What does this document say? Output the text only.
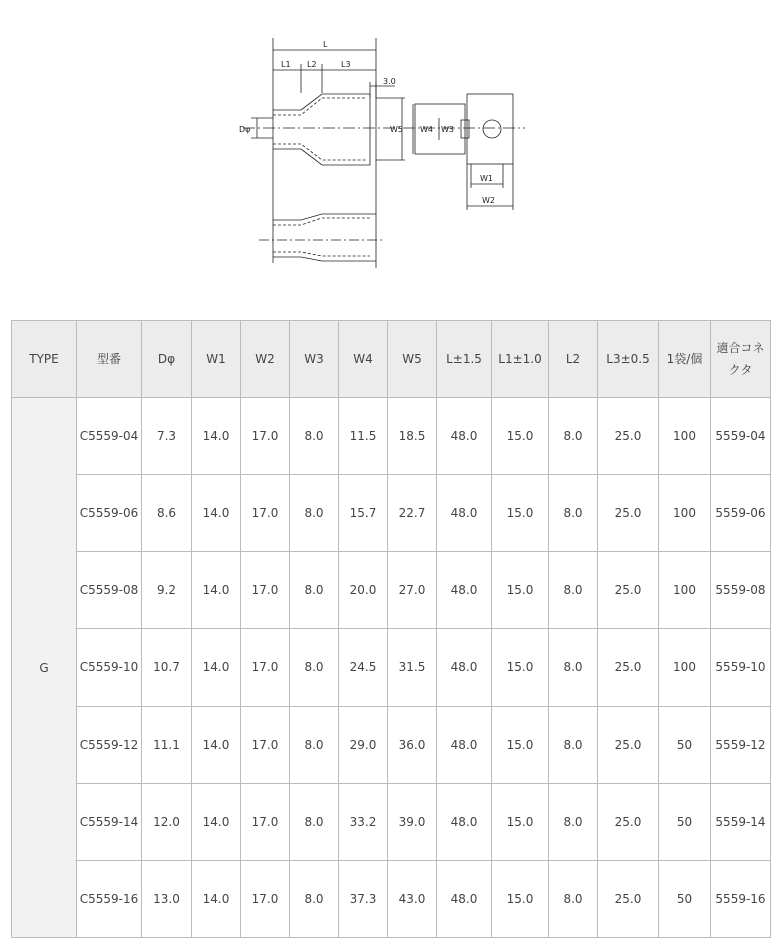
L
L1 L2	L3
3.0
Dφ	W5 W4 W3
W1
W2
TYPE	型番	Dφ	W1	W2	W3	W4	W5	L±1.5	L1±1.0	L2	L3±0.5	1袋/個	適合コネクタ
G	C5559-04	7.3	14.0	17.0	8.0	11.5	18.5	48.0	15.0	8.0	25.0	100	5559-04
	C5559-06	8.6	14.0	17.0	8.0	15.7	22.7	48.0	15.0	8.0	25.0	100	5559-06
	C5559-08	9.2	14.0	17.0	8.0	20.0	27.0	48.0	15.0	8.0	25.0	100	5559-08
	C5559-10	10.7	14.0	17.0	8.0	24.5	31.5	48.0	15.0	8.0	25.0	100	5559-10
	C5559-12	11.1	14.0	17.0	8.0	29.0	36.0	48.0	15.0	8.0	25.0	50	5559-12
	C5559-14	12.0	14.0	17.0	8.0	33.2	39.0	48.0	15.0	8.0	25.0	50	5559-14
	C5559-16	13.0	14.0	17.0	8.0	37.3	43.0	48.0	15.0	8.0	25.0	50	5559-16
